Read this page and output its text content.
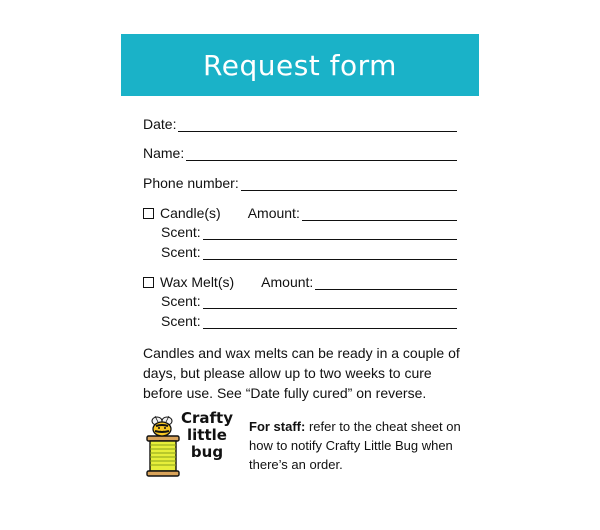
Request form
Date:
Name:
Phone number:
Candle(s) Amount:
Scent:
Scent:
Wax Melt(s) Amount:
Scent:
Scent:
Candles and wax melts can be ready in a couple of days, but please allow up to two weeks to cure before use. See “Date fully cured” on reverse.
Crafty
little
bug
For staff: refer to the cheat sheet on how to notify Crafty Little Bug when there’s an order.
